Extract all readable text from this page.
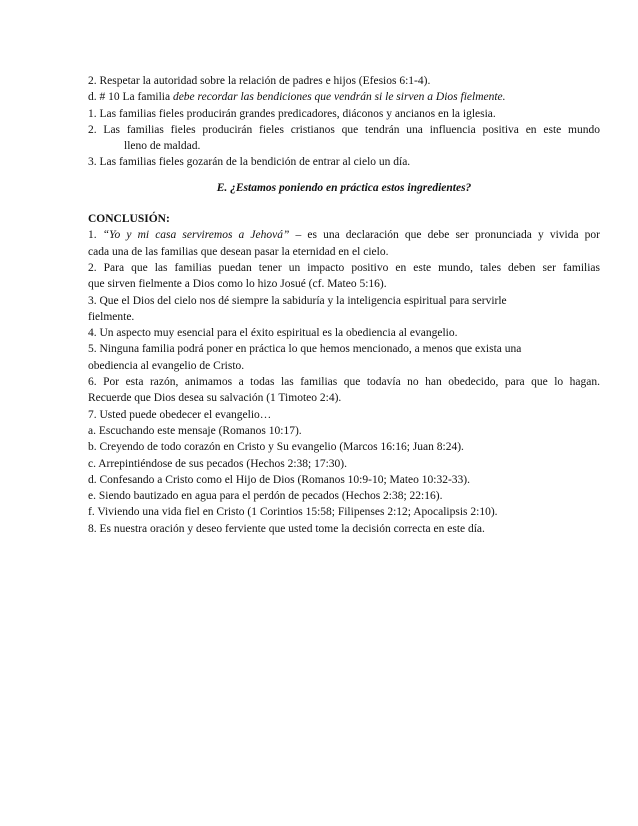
2. Respetar la autoridad sobre la relación de padres e hijos (Efesios 6:1-4).

d. # 10 La familia debe recordar las bendiciones que vendrán si le sirven a Dios fielmente.

1. Las familias fieles producirán grandes predicadores, diáconos y ancianos en la iglesia.

2. Las familias fieles producirán fieles cristianos que tendrán una influencia positiva en este mundo

lleno de maldad.

3. Las familias fieles gozarán de la bendición de entrar al cielo un día.

E. ¿Estamos poniendo en práctica estos ingredientes?

CONCLUSIÓN:

1. “Yo y mi casa serviremos a Jehová” – es una declaración que debe ser pronunciada y vivida por

cada una de las familias que desean pasar la eternidad en el cielo.

2. Para que las familias puedan tener un impacto positivo en este mundo, tales deben ser familias

que sirven fielmente a Dios como lo hizo Josué (cf. Mateo 5:16).

3. Que el Dios del cielo nos dé siempre la sabiduría y la inteligencia espiritual para servirle

fielmente.

4. Un aspecto muy esencial para el éxito espiritual es la obediencia al evangelio.

5. Ninguna familia podrá poner en práctica lo que hemos mencionado, a menos que exista una

obediencia al evangelio de Cristo.

6. Por esta razón, animamos a todas las familias que todavía no han obedecido, para que lo hagan.

Recuerde que Dios desea su salvación (1 Timoteo 2:4).

7. Usted puede obedecer el evangelio…

a. Escuchando este mensaje (Romanos 10:17).

b. Creyendo de todo corazón en Cristo y Su evangelio (Marcos 16:16; Juan 8:24).

c. Arrepintiéndose de sus pecados (Hechos 2:38; 17:30).

d. Confesando a Cristo como el Hijo de Dios (Romanos 10:9-10; Mateo 10:32-33).

e. Siendo bautizado en agua para el perdón de pecados (Hechos 2:38; 22:16).

f. Viviendo una vida fiel en Cristo (1 Corintios 15:58; Filipenses 2:12; Apocalipsis 2:10).

8. Es nuestra oración y deseo ferviente que usted tome la decisión correcta en este día.
